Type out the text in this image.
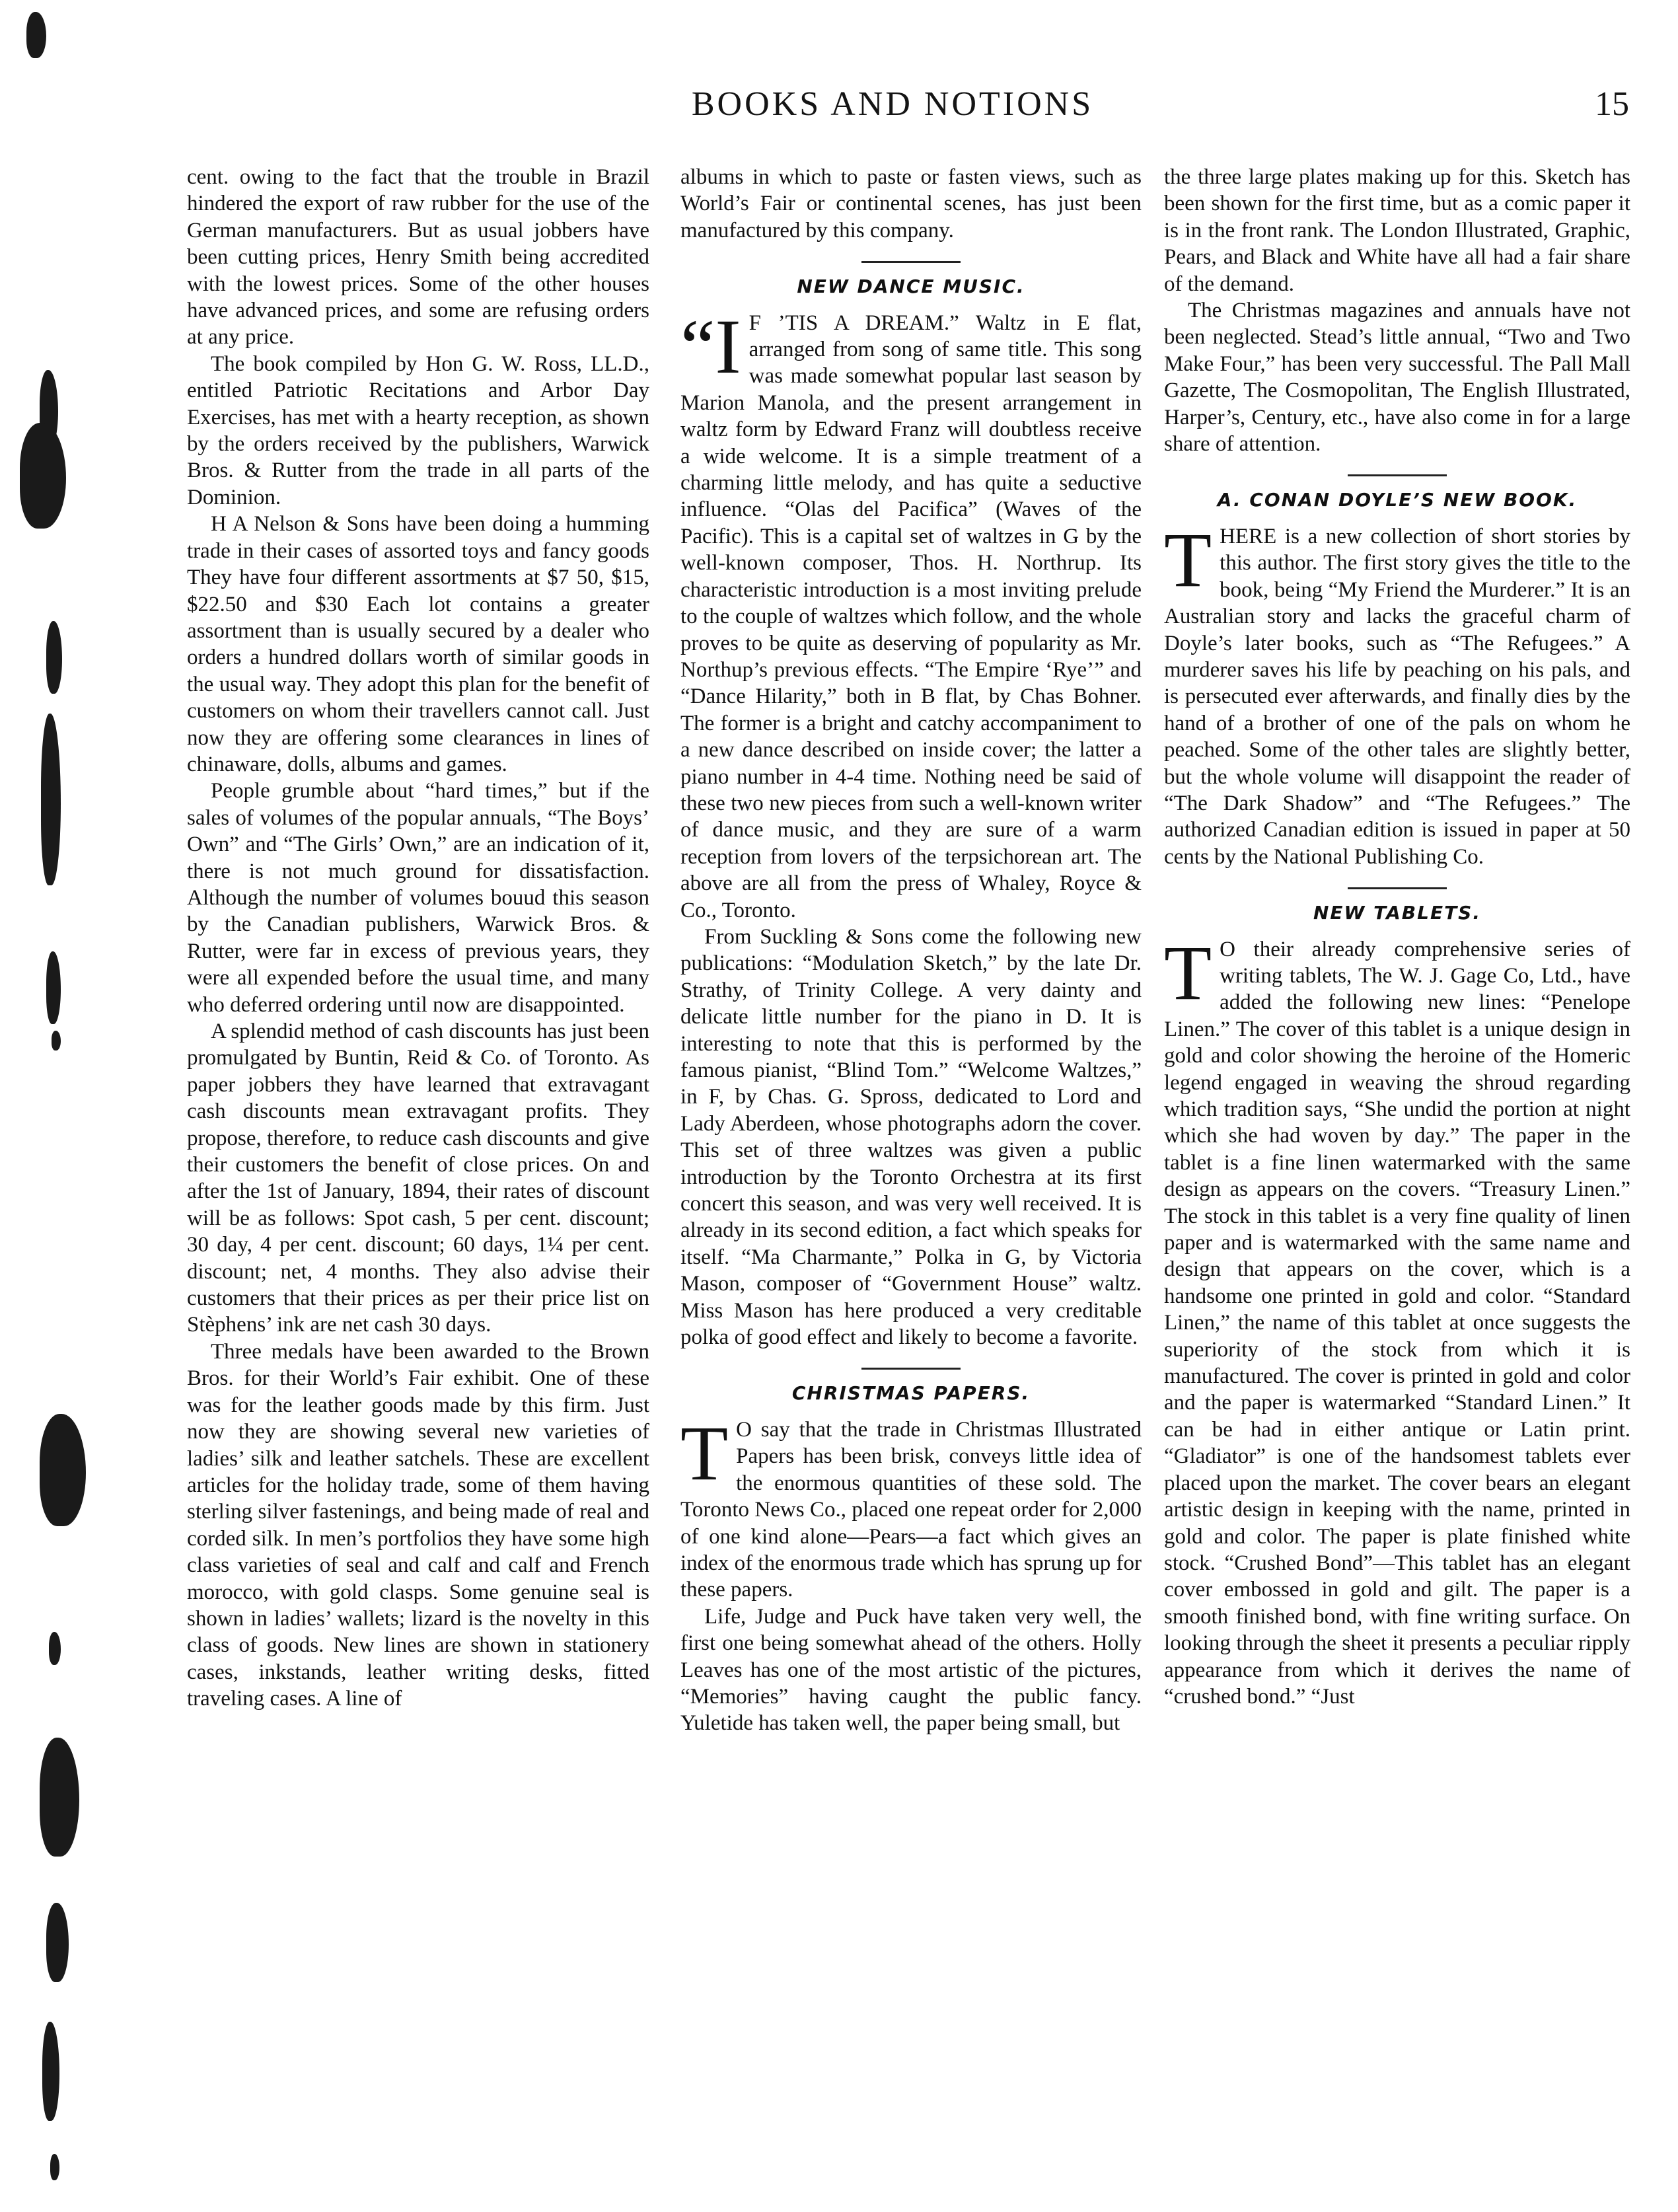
BOOKS AND NOTIONS	15

cent. owing to the fact that the trouble in Brazil hindered the export of raw rubber for the use of the German manufacturers. But as usual jobbers have been cutting prices, Henry Smith being accredited with the lowest prices. Some of the other houses have advanced prices, and some are refusing orders at any price.

The book compiled by Hon G. W. Ross, LL.D., entitled Patriotic Recitations and Arbor Day Exercises, has met with a hearty reception, as shown by the orders received by the publishers, Warwick Bros. & Rutter from the trade in all parts of the Dominion.

H A Nelson & Sons have been doing a humming trade in their cases of assorted toys and fancy goods They have four different assortments at $7 50, $15, $22.50 and $30 Each lot contains a greater assortment than is usually secured by a dealer who orders a hundred dollars worth of similar goods in the usual way. They adopt this plan for the benefit of customers on whom their travellers cannot call. Just now they are offering some clearances in lines of chinaware, dolls, albums and games.

People grumble about “hard times,” but if the sales of volumes of the popular annuals, “The Boys’ Own” and “The Girls’ Own,” are an indication of it, there is not much ground for dissatisfaction. Although the number of volumes bouud this season by the Canadian publishers, Warwick Bros. & Rutter, were far in excess of previous years, they were all expended before the usual time, and many who deferred ordering until now are disappointed.

A splendid method of cash discounts has just been promulgated by Buntin, Reid & Co. of Toronto. As paper jobbers they have learned that extravagant cash discounts mean extravagant profits. They propose, therefore, to reduce cash discounts and give their customers the benefit of close prices. On and after the 1st of January, 1894, their rates of discount will be as follows: Spot cash, 5 per cent. discount; 30 day, 4 per cent. discount; 60 days, 1¼ per cent. discount; net, 4 months. They also advise their customers that their prices as per their price list on Stèphens’ ink are net cash 30 days.

Three medals have been awarded to the Brown Bros. for their World’s Fair exhibit. One of these was for the leather goods made by this firm. Just now they are showing several new varieties of ladies’ silk and leather satchels. These are excellent articles for the holiday trade, some of them having sterling silver fastenings, and being made of real and corded silk. In men’s portfolios they have some high class varieties of seal and calf and calf and French morocco, with gold clasps. Some genuine seal is shown in ladies’ wallets; lizard is the novelty in this class of goods. New lines are shown in stationery cases, inkstands, leather writing desks, fitted traveling cases. A line of

albums in which to paste or fasten views, such as World’s Fair or continental scenes, has just been manufactured by this company.

NEW DANCE MUSIC.

“I F ’TIS A DREAM.” Waltz in E flat, arranged from song of same title. This song was made somewhat popular last season by Marion Manola, and the present arrangement in waltz form by Edward Franz will doubtless receive a wide welcome. It is a simple treatment of a charming little melody, and has quite a seductive influence. “Olas del Pacifica” (Waves of the Pacific). This is a capital set of waltzes in G by the well-known composer, Thos. H. Northrup. Its characteristic introduction is a most inviting prelude to the couple of waltzes which follow, and the whole proves to be quite as deserving of popularity as Mr. Northup’s previous effects. “The Empire ‘Rye’” and “Dance Hilarity,” both in B flat, by Chas Bohner. The former is a bright and catchy accompaniment to a new dance described on inside cover; the latter a piano number in 4-4 time. Nothing need be said of these two new pieces from such a well-known writer of dance music, and they are sure of a warm reception from lovers of the terpsichorean art. The above are all from the press of Whaley, Royce & Co., Toronto.

From Suckling & Sons come the following new publications: “Modulation Sketch,” by the late Dr. Strathy, of Trinity College. A very dainty and delicate little number for the piano in D. It is interesting to note that this is performed by the famous pianist, “Blind Tom.” “Welcome Waltzes,” in F, by Chas. G. Spross, dedicated to Lord and Lady Aberdeen, whose photographs adorn the cover. This set of three waltzes was given a public introduction by the Toronto Orchestra at its first concert this season, and was very well received. It is already in its second edition, a fact which speaks for itself. “Ma Charmante,” Polka in G, by Victoria Mason, composer of “Government House” waltz. Miss Mason has here produced a very creditable polka of good effect and likely to become a favorite.

CHRISTMAS PAPERS.

T O say that the trade in Christmas Illustrated Papers has been brisk, conveys little idea of the enormous quantities of these sold. The Toronto News Co., placed one repeat order for 2,000 of one kind alone—Pears—a fact which gives an index of the enormous trade which has sprung up for these papers.

Life, Judge and Puck have taken very well, the first one being somewhat ahead of the others. Holly Leaves has one of the most artistic of the pictures, “Memories” having caught the public fancy. Yuletide has taken well, the paper being small, but

the three large plates making up for this. Sketch has been shown for the first time, but as a comic paper it is in the front rank. The London Illustrated, Graphic, Pears, and Black and White have all had a fair share of the demand.

The Christmas magazines and annuals have not been neglected. Stead’s little annual, “Two and Two Make Four,” has been very successful. The Pall Mall Gazette, The Cosmopolitan, The English Illustrated, Harper’s, Century, etc., have also come in for a large share of attention.

A. CONAN DOYLE’S NEW BOOK.

THERE is a new collection of short stories by this author. The first story gives the title to the book, being “My Friend the Murderer.” It is an Australian story and lacks the graceful charm of Doyle’s later books, such as “The Refugees.” A murderer saves his life by peaching on his pals, and is persecuted ever afterwards, and finally dies by the hand of a brother of one of the pals on whom he peached. Some of the other tales are slightly better, but the whole volume will disappoint the reader of “The Dark Shadow” and “The Refugees.” The authorized Canadian edition is issued in paper at 50 cents by the National Publishing Co.

NEW TABLETS.

T O their already comprehensive series of writing tablets, The W. J. Gage Co, Ltd., have added the following new lines: “Penelope Linen.” The cover of this tablet is a unique design in gold and color showing the heroine of the Homeric legend engaged in weaving the shroud regarding which tradition says, “She undid the portion at night which she had woven by day.” The paper in the tablet is a fine linen watermarked with the same design as appears on the covers. “Treasury Linen.” The stock in this tablet is a very fine quality of linen paper and is watermarked with the same name and design that appears on the cover, which is a handsome one printed in gold and color. “Standard Linen,” the name of this tablet at once suggests the superiority of the stock from which it is manufactured. The cover is printed in gold and color and the paper is watermarked “Standard Linen.” It can be had in either antique or Latin print. “Gladiator” is one of the handsomest tablets ever placed upon the market. The cover bears an elegant artistic design in keeping with the name, printed in gold and color. The paper is plate finished white stock. “Crushed Bond”—This tablet has an elegant cover embossed in gold and gilt. The paper is a smooth finished bond, with fine writing surface. On looking through the sheet it presents a peculiar ripply appearance from which it derives the name of “crushed bond.” “Just
